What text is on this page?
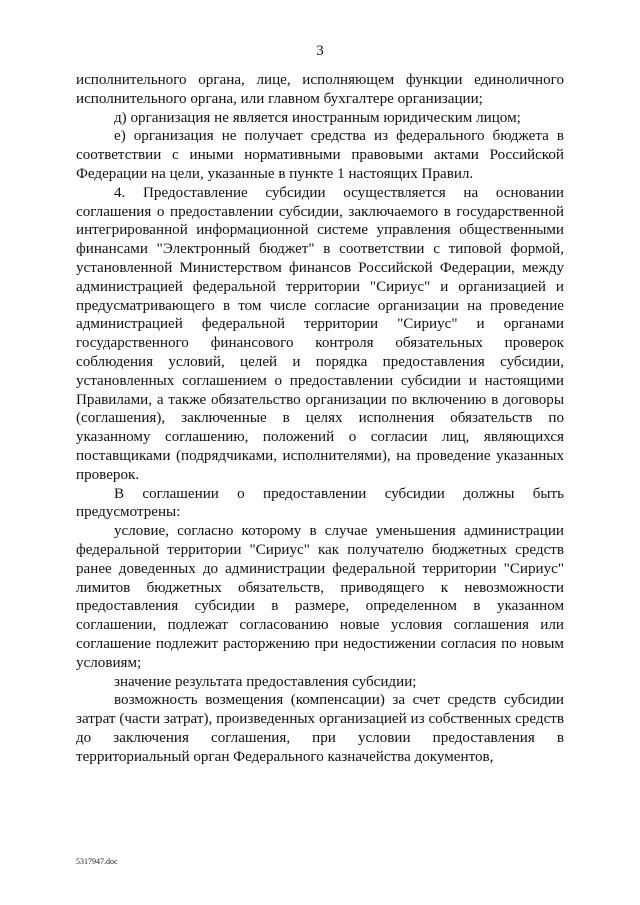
3

исполнительного органа, лице, исполняющем функции единоличного исполнительного органа, или главном бухгалтере организации;

д) организация не является иностранным юридическим лицом;

е) организация не получает средства из федерального бюджета в соответствии с иными нормативными правовыми актами Российской Федерации на цели, указанные в пункте 1 настоящих Правил.

4. Предоставление субсидии осуществляется на основании соглашения о предоставлении субсидии, заключаемого в государственной интегрированной информационной системе управления общественными финансами "Электронный бюджет" в соответствии с типовой формой, установленной Министерством финансов Российской Федерации, между администрацией федеральной территории "Сириус" и организацией и предусматривающего в том числе согласие организации на проведение администрацией федеральной территории "Сириус" и органами государственного финансового контроля обязательных проверок соблюдения условий, целей и порядка предоставления субсидии, установленных соглашением о предоставлении субсидии и настоящими Правилами, а также обязательство организации по включению в договоры (соглашения), заключенные в целях исполнения обязательств по указанному соглашению, положений о согласии лиц, являющихся поставщиками (подрядчиками, исполнителями), на проведение указанных проверок.

В соглашении о предоставлении субсидии должны быть предусмотрены:

условие, согласно которому в случае уменьшения администрации федеральной территории "Сириус" как получателю бюджетных средств ранее доведенных до администрации федеральной территории "Сириус" лимитов бюджетных обязательств, приводящего к невозможности предоставления субсидии в размере, определенном в указанном соглашении, подлежат согласованию новые условия соглашения или соглашение подлежит расторжению при недостижении согласия по новым условиям;

значение результата предоставления субсидии;

возможность возмещения (компенсации) за счет средств субсидии затрат (части затрат), произведенных организацией из собственных средств до заключения соглашения, при условии предоставления в территориальный орган Федерального казначейства документов,

5317947.doc
